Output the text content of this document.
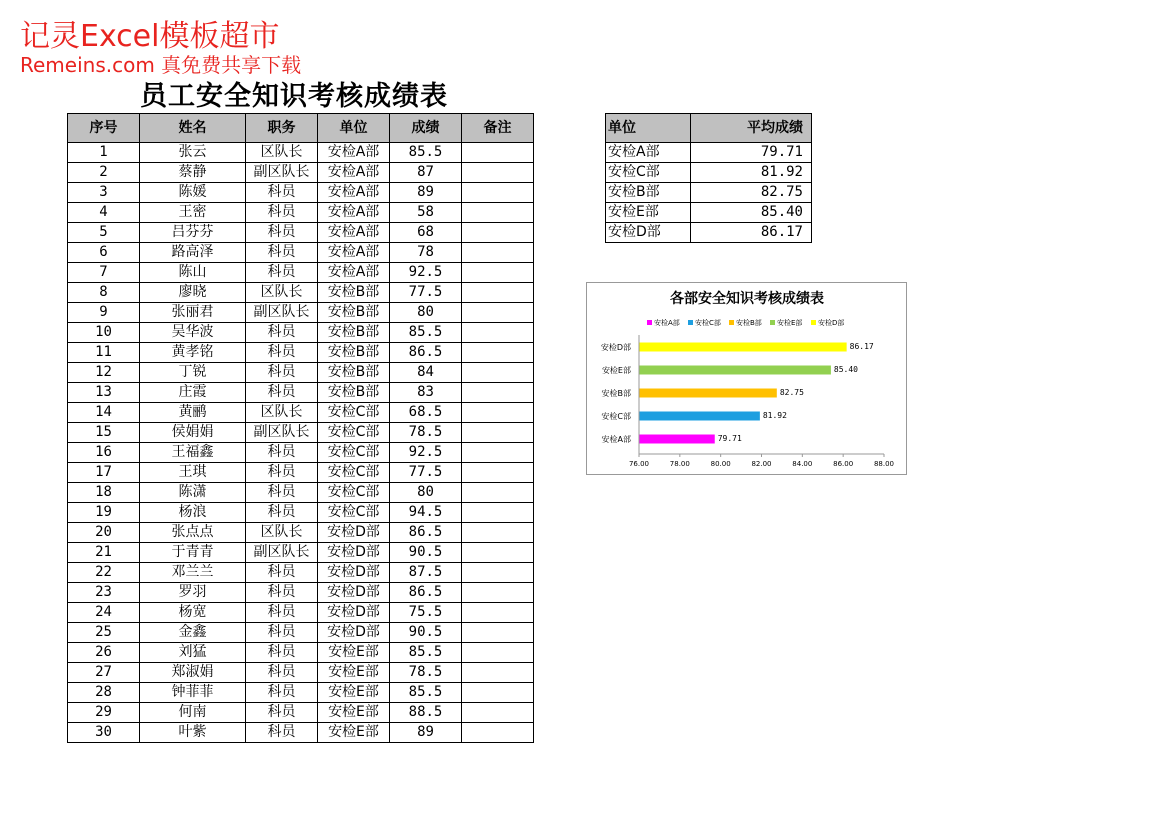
记灵Excel模板超市
Remeins.com 真免费共享下载
员工安全知识考核成绩表
序号	姓名	职务	单位	成绩	备注
1	张云	区队长	安检A部	85.5	
2	蔡静	副区队长	安检A部	87	
3	陈媛	科员	安检A部	89	
4	王密	科员	安检A部	58	
5	吕芬芬	科员	安检A部	68	
6	路高泽	科员	安检A部	78	
7	陈山	科员	安检A部	92.5	
8	廖晓	区队长	安检B部	77.5	
9	张丽君	副区队长	安检B部	80	
10	吴华波	科员	安检B部	85.5	
11	黄孝铭	科员	安检B部	86.5	
12	丁锐	科员	安检B部	84	
13	庄霞	科员	安检B部	83	
14	黄鹂	区队长	安检C部	68.5	
15	侯娟娟	副区队长	安检C部	78.5	
16	王福鑫	科员	安检C部	92.5	
17	王琪	科员	安检C部	77.5	
18	陈潇	科员	安检C部	80	
19	杨浪	科员	安检C部	94.5	
20	张点点	区队长	安检D部	86.5	
21	于青青	副区队长	安检D部	90.5	
22	邓兰兰	科员	安检D部	87.5	
23	罗羽	科员	安检D部	86.5	
24	杨宽	科员	安检D部	75.5	
25	金鑫	科员	安检D部	90.5	
26	刘猛	科员	安检E部	85.5	
27	郑淑娟	科员	安检E部	78.5	
28	钟菲菲	科员	安检E部	85.5	
29	何南	科员	安检E部	88.5	
30	叶紫	科员	安检E部	89	
单位	平均成绩
安检A部	79.71
安检C部	81.92
安检B部	82.75
安检E部	85.40
安检D部	86.17
各部安全知识考核成绩表
安检A部 安检C部 安检B部 安检E部 安检D部
安检A部	79.71
安检C部	81.92
安检B部	82.75
安检E部	85.40
安检D部	86.17
76.00	78.00	80.00	82.00	84.00	86.00	88.00
